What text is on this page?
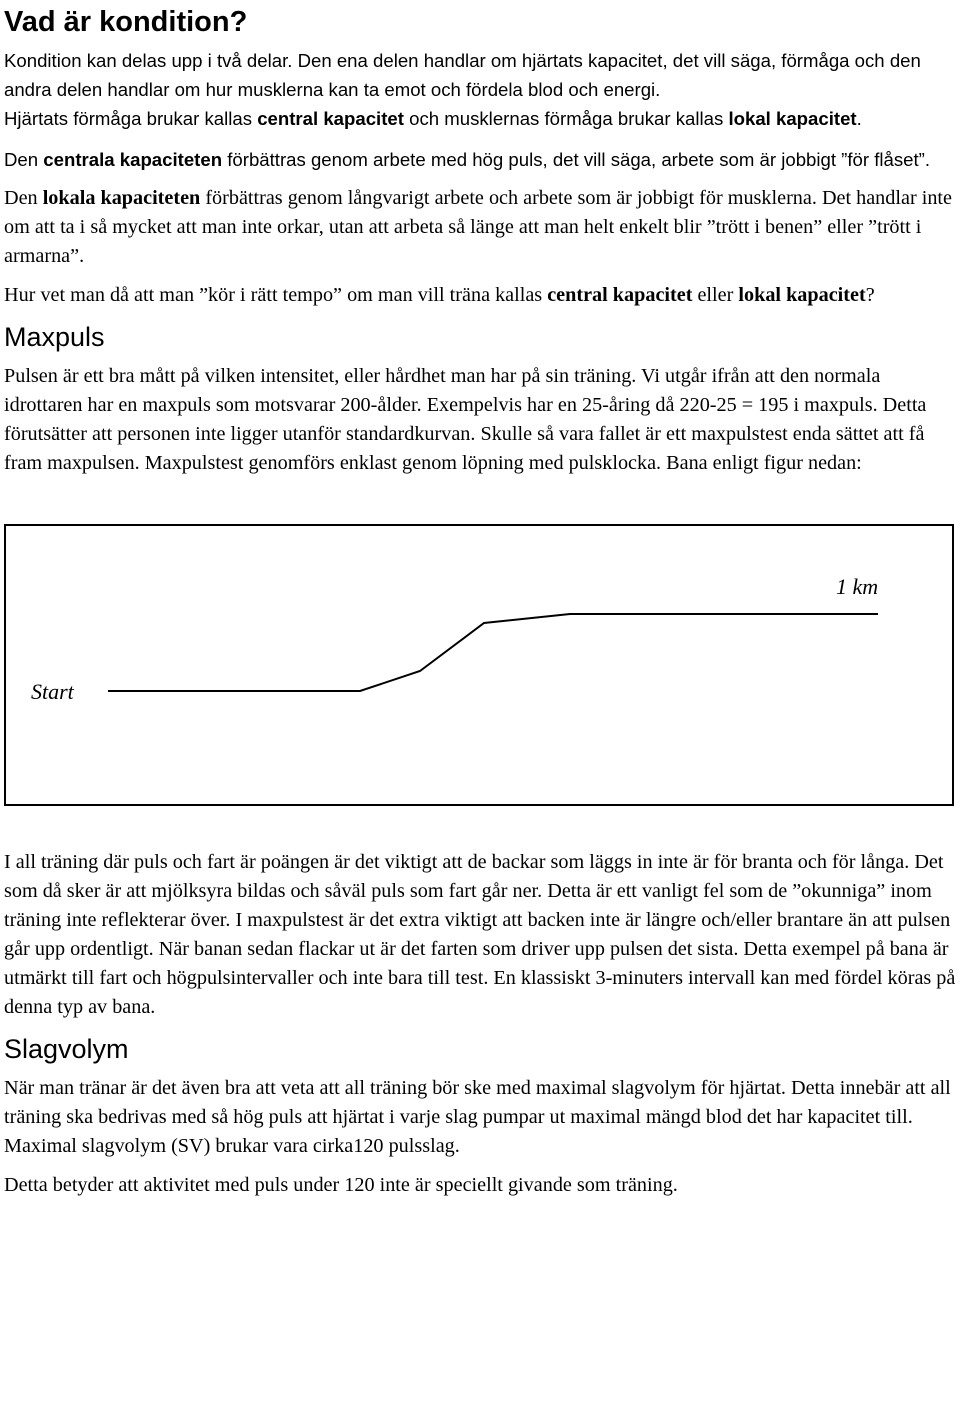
Vad är kondition?

Kondition kan delas upp i två delar. Den ena delen handlar om hjärtats kapacitet, det vill säga, förmåga och den andra delen handlar om hur musklerna kan ta emot och fördela blod och energi.
Hjärtats förmåga brukar kallas central kapacitet och musklernas förmåga brukar kallas lokal kapacitet.

Den centrala kapaciteten förbättras genom arbete med hög puls, det vill säga, arbete som är jobbigt ”för flåset”.

Den lokala kapaciteten förbättras genom långvarigt arbete och arbete som är jobbigt för musklerna. Det handlar inte om att ta i så mycket att man inte orkar, utan att arbeta så länge att man helt enkelt blir ”trött i benen” eller ”trött i armarna”.

Hur vet man då att man ”kör i rätt tempo” om man vill träna kallas central kapacitet eller lokal kapacitet?

Maxpuls

Pulsen är ett bra mått på vilken intensitet, eller hårdhet man har på sin träning. Vi utgår ifrån att den normala idrottaren har en maxpuls som motsvarar 200-ålder. Exempelvis har en 25-åring då 220-25 = 195 i maxpuls. Detta förutsätter att personen inte ligger utanför standardkurvan. Skulle så vara fallet är ett maxpulstest enda sättet att få fram maxpulsen. Maxpulstest genomförs enklast genom löpning med pulsklocka. Bana enligt figur nedan:

Start
1 km

I all träning där puls och fart är poängen är det viktigt att de backar som läggs in inte är för branta och för långa. Det som då sker är att mjölksyra bildas och såväl puls som fart går ner. Detta är ett vanligt fel som de ”okunniga” inom träning inte reflekterar över. I maxpulstest är det extra viktigt att backen inte är längre och/eller brantare än att pulsen går upp ordentligt. När banan sedan flackar ut är det farten som driver upp pulsen det sista. Detta exempel på bana är utmärkt till fart och högpulsintervaller och inte bara till test. En klassiskt 3-minuters intervall kan med fördel köras på denna typ av bana.

Slagvolym

När man tränar är det även bra att veta att all träning bör ske med maximal slagvolym för hjärtat. Detta innebär att all träning ska bedrivas med så hög puls att hjärtat i varje slag pumpar ut maximal mängd blod det har kapacitet till. Maximal slagvolym (SV) brukar vara cirka120 pulsslag.

Detta betyder att aktivitet med puls under 120 inte är speciellt givande som träning.
